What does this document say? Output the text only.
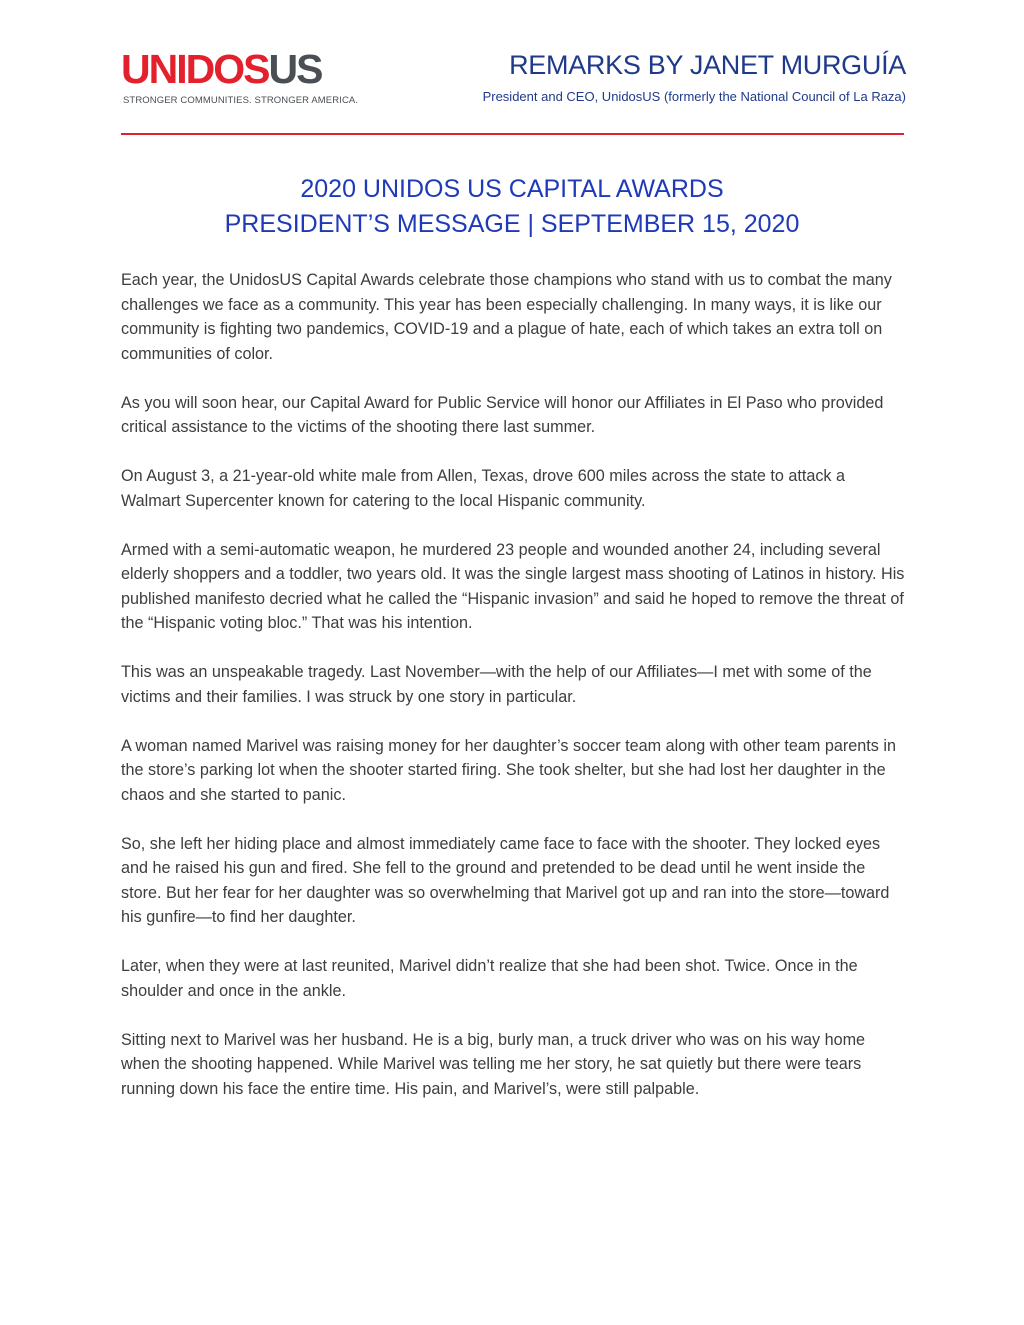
UNIDOSUS
STRONGER COMMUNITIES. STRONGER AMERICA.
REMARKS BY JANET MURGUÍA
President and CEO, UnidosUS (formerly the National Council of La Raza)
2020 UNIDOS US CAPITAL AWARDS
PRESIDENT’S MESSAGE | SEPTEMBER 15, 2020

Each year, the UnidosUS Capital Awards celebrate those champions who stand with us to combat the many challenges we face as a community. This year has been especially challenging. In many ways, it is like our community is fighting two pandemics, COVID-19 and a plague of hate, each of which takes an extra toll on communities of color.

As you will soon hear, our Capital Award for Public Service will honor our Affiliates in El Paso who provided critical assistance to the victims of the shooting there last summer.

On August 3, a 21-year-old white male from Allen, Texas, drove 600 miles across the state to attack a Walmart Supercenter known for catering to the local Hispanic community.

Armed with a semi-automatic weapon, he murdered 23 people and wounded another 24, including several elderly shoppers and a toddler, two years old. It was the single largest mass shooting of Latinos in history. His published manifesto decried what he called the “Hispanic invasion” and said he hoped to remove the threat of the “Hispanic voting bloc.” That was his intention.

This was an unspeakable tragedy. Last November—with the help of our Affiliates—I met with some of the victims and their families. I was struck by one story in particular.

A woman named Marivel was raising money for her daughter’s soccer team along with other team parents in the store’s parking lot when the shooter started firing. She took shelter, but she had lost her daughter in the chaos and she started to panic.

So, she left her hiding place and almost immediately came face to face with the shooter. They locked eyes and he raised his gun and fired. She fell to the ground and pretended to be dead until he went inside the store. But her fear for her daughter was so overwhelming that Marivel got up and ran into the store—toward his gunfire—to find her daughter.

Later, when they were at last reunited, Marivel didn’t realize that she had been shot. Twice. Once in the shoulder and once in the ankle.

Sitting next to Marivel was her husband. He is a big, burly man, a truck driver who was on his way home when the shooting happened. While Marivel was telling me her story, he sat quietly but there were tears running down his face the entire time. His pain, and Marivel’s, were still palpable.
